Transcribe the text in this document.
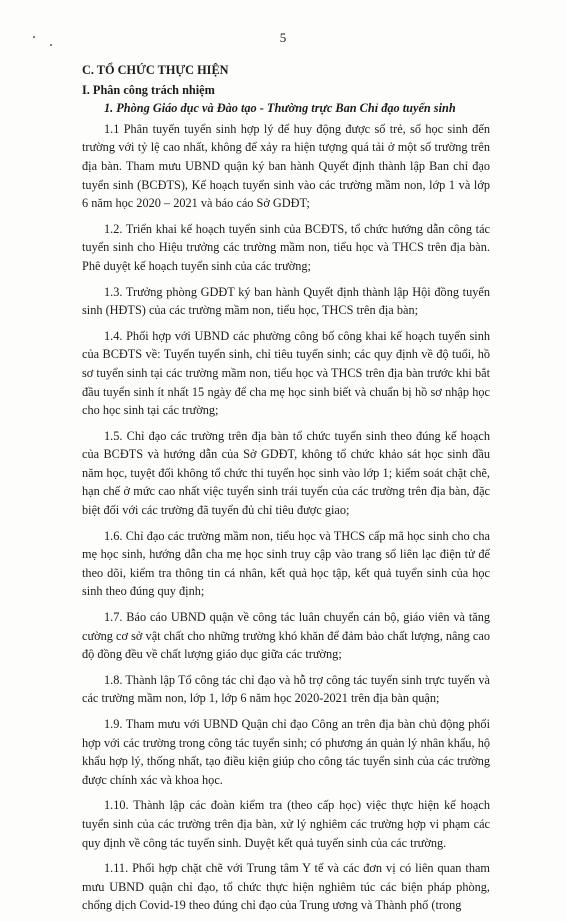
5

C. TỔ CHỨC THỰC HIỆN

I. Phân công trách nhiệm

1. Phòng Giáo dục và Đào tạo - Thường trực Ban Chỉ đạo tuyển sinh

1.1 Phân tuyến tuyển sinh hợp lý để huy động được số trẻ, số học sinh đến trường với tỷ lệ cao nhất, không để xảy ra hiện tượng quá tải ở một số trường trên địa bàn. Tham mưu UBND quận ký ban hành Quyết định thành lập Ban chỉ đạo tuyển sinh (BCĐTS), Kế hoạch tuyển sinh vào các trường mầm non, lớp 1 và lớp 6 năm học 2020 – 2021 và báo cáo Sở GDĐT;

1.2. Triển khai kế hoạch tuyển sinh của BCĐTS, tổ chức hướng dẫn công tác tuyển sinh cho Hiệu trưởng các trường mầm non, tiểu học và THCS trên địa bàn. Phê duyệt kế hoạch tuyển sinh của các trường;

1.3. Trưởng phòng GDĐT ký ban hành Quyết định thành lập Hội đồng tuyển sinh (HĐTS) của các trường mầm non, tiểu học, THCS trên địa bàn;

1.4. Phối hợp với UBND các phường công bố công khai kế hoạch tuyển sinh của BCĐTS về: Tuyến tuyển sinh, chỉ tiêu tuyển sinh; các quy định về độ tuổi, hồ sơ tuyển sinh tại các trường mầm non, tiểu học và THCS trên địa bàn trước khi bắt đầu tuyển sinh ít nhất 15 ngày để cha mẹ học sinh biết và chuẩn bị hồ sơ nhập học cho học sinh tại các trường;

1.5. Chỉ đạo các trường trên địa bàn tổ chức tuyển sinh theo đúng kế hoạch của BCĐTS và hướng dẫn của Sở GDĐT, không tổ chức khảo sát học sinh đầu năm học, tuyệt đối không tổ chức thi tuyển học sinh vào lớp 1; kiểm soát chặt chẽ, hạn chế ở mức cao nhất việc tuyển sinh trái tuyến của các trường trên địa bàn, đặc biệt đối với các trường đã tuyển đủ chỉ tiêu được giao;

1.6. Chỉ đạo các trường mầm non, tiểu học và THCS cấp mã học sinh cho cha mẹ học sinh, hướng dẫn cha mẹ học sinh truy cập vào trang sổ liên lạc điện tử để theo dõi, kiểm tra thông tin cá nhân, kết quả học tập, kết quả tuyển sinh của học sinh theo đúng quy định;

1.7. Báo cáo UBND quận về công tác luân chuyển cán bộ, giáo viên và tăng cường cơ sở vật chất cho những trường khó khăn để đảm bảo chất lượng, nâng cao độ đồng đều về chất lượng giáo dục giữa các trường;

1.8. Thành lập Tổ công tác chỉ đạo và hỗ trợ công tác tuyển sinh trực tuyến và các trường mầm non, lớp 1, lớp 6 năm học 2020-2021 trên địa bàn quận;

1.9. Tham mưu với UBND Quận chỉ đạo Công an trên địa bàn chủ động phối hợp với các trường trong công tác tuyển sinh; có phương án quản lý nhân khẩu, hộ khẩu hợp lý, thống nhất, tạo điều kiện giúp cho công tác tuyển sinh của các trường được chính xác và khoa học.

1.10. Thành lập các đoàn kiểm tra (theo cấp học) việc thực hiện kế hoạch tuyển sinh của các trường trên địa bàn, xử lý nghiêm các trường hợp vi phạm các quy định về công tác tuyển sinh. Duyệt kết quả tuyển sinh của các trường.

1.11. Phối hợp chặt chẽ với Trung tâm Y tế và các đơn vị có liên quan tham mưu UBND quận chỉ đạo, tổ chức thực hiện nghiêm túc các biện pháp phòng, chống dịch Covid-19 theo đúng chỉ đạo của Trung ương và Thành phố (trong
